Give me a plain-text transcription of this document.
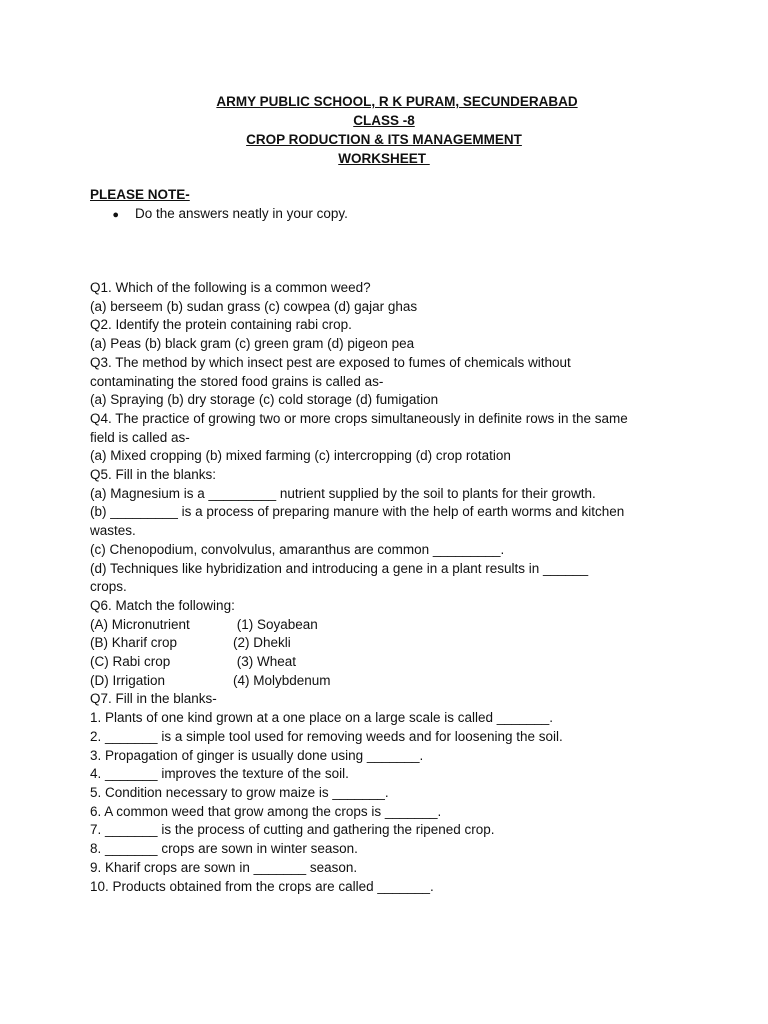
ARMY PUBLIC SCHOOL, R K PURAM, SECUNDERABAD
CLASS -8
CROP RODUCTION & ITS MANAGEMMENT
WORKSHEET
PLEASE NOTE-
●	Do the answers neatly in your copy.
Q1. Which of the following is a common weed?
(a) berseem (b) sudan grass (c) cowpea (d) gajar ghas
Q2. Identify the protein containing rabi crop.
(a) Peas (b) black gram (c) green gram (d) pigeon pea
Q3. The method by which insect pest are exposed to fumes of chemicals without
contaminating the stored food grains is called as-
(a) Spraying (b) dry storage (c) cold storage (d) fumigation
Q4. The practice of growing two or more crops simultaneously in definite rows in the same
field is called as-
(a) Mixed cropping (b) mixed farming (c) intercropping (d) crop rotation
Q5. Fill in the blanks:
(a) Magnesium is a _________ nutrient supplied by the soil to plants for their growth.
(b) _________ is a process of preparing manure with the help of earth worms and kitchen
wastes.
(c) Chenopodium, convolvulus, amaranthus are common _________.
(d) Techniques like hybridization and introducing a gene in a plant results in ______
crops.
Q6. Match the following:
(A) Micronutrient	(1) Soyabean
(B) Kharif crop	(2) Dhekli
(C) Rabi crop	(3) Wheat
(D) Irrigation	(4) Molybdenum
Q7. Fill in the blanks-
1. Plants of one kind grown at a one place on a large scale is called _______.
2. _______ is a simple tool used for removing weeds and for loosening the soil.
3. Propagation of ginger is usually done using _______.
4. _______ improves the texture of the soil.
5. Condition necessary to grow maize is _______.
6. A common weed that grow among the crops is _______.
7. _______ is the process of cutting and gathering the ripened crop.
8. _______ crops are sown in winter season.
9. Kharif crops are sown in _______ season.
10. Products obtained from the crops are called _______.
